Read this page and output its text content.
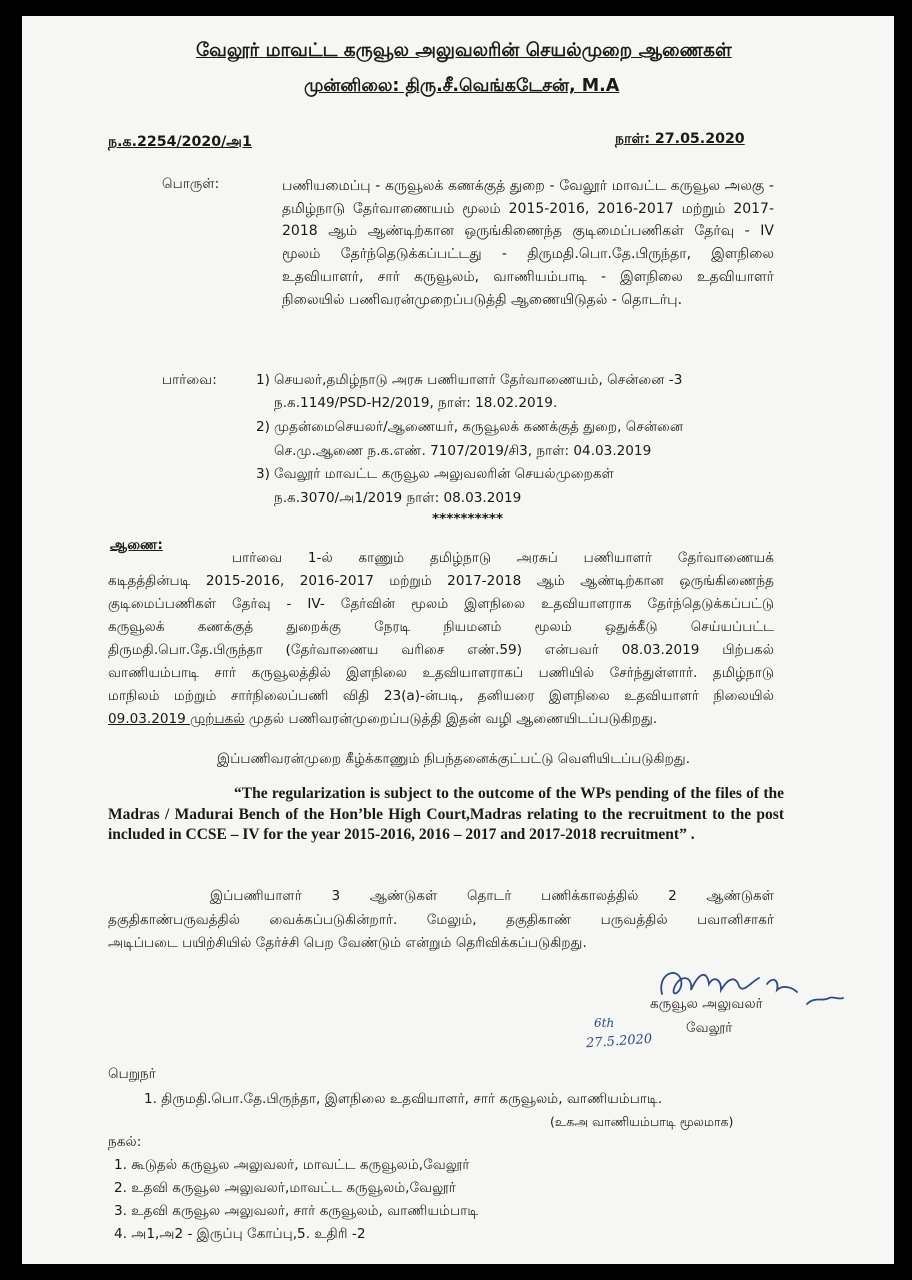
வேலூர் மாவட்ட கருவூல அலுவலரின் செயல்முறை ஆணைகள்
முன்னிலை: திரு.சீ.வெங்கடேசன், M.A
ந.க.2254/2020/அ1	நாள்: 27.05.2020
பொருள்:	பணியமைப்பு - கருவூலக் கணக்குத் துறை - வேலூர் மாவட்ட கருவூல அலகு - தமிழ்நாடு தேர்வாணையம் மூலம் 2015-2016, 2016-2017 மற்றும் 2017-2018 ஆம் ஆண்டிற்கான ஒருங்கிணைந்த குடிமைப்பணிகள் தேர்வு - IV மூலம் தேர்ந்தெடுக்கப்பட்டது - திருமதி.பொ.தே.பிருந்தா, இளநிலை உதவியாளர், சார் கருவூலம், வாணியம்பாடி - இளநிலை உதவியாளர் நிலையில் பணிவரன்முறைப்படுத்தி ஆணையிடுதல் - தொடர்பு.
பார்வை:	1) செயலர்,தமிழ்நாடு அரசு பணியாளர் தேர்வாணையம், சென்னை -3
ந.க.1149/PSD-H2/2019, நாள்: 18.02.2019.
2) முதன்மைசெயலர்/ஆணையர், கருவூலக் கணக்குத் துறை, சென்னை
செ.மு.ஆணை ந.க.எண். 7107/2019/சி3, நாள்: 04.03.2019
3) வேலூர் மாவட்ட கருவூல அலுவலரின் செயல்முறைகள்
ந.க.3070/அ1/2019 நாள்: 08.03.2019
**********
ஆணை:
பார்வை 1-ல் காணும் தமிழ்நாடு அரசுப் பணியாளர் தேர்வாணையக்
கடிதத்தின்படி 2015-2016, 2016-2017 மற்றும் 2017-2018 ஆம் ஆண்டிற்கான ஒருங்கிணைந்த
குடிமைப்பணிகள் தேர்வு - IV- தேர்வின் மூலம் இளநிலை உதவியாளராக தேர்ந்தெடுக்கப்பட்டு
கருவூலக் கணக்குத் துறைக்கு நேரடி நியமனம் மூலம் ஒதுக்கீடு செய்யப்பட்ட
திருமதி.பொ.தே.பிருந்தா (தேர்வாணைய வரிசை எண்.59) என்பவர் 08.03.2019 பிற்பகல்
வாணியம்பாடி சார் கருவூலத்தில் இளநிலை உதவியாளராகப் பணியில் சேர்ந்துள்ளார். தமிழ்நாடு
மாநிலம் மற்றும் சார்நிலைப்பணி விதி 23(a)-ன்படி, தனியரை இளநிலை உதவியாளர் நிலையில்
09.03.2019 முற்பகல் முதல் பணிவரன்முறைப்படுத்தி இதன் வழி ஆணையிடப்படுகிறது.
இப்பணிவரன்முறை கீழ்க்காணும் நிபந்தனைக்குட்பட்டு வெளியிடப்படுகிறது.
“The regularization is subject to the outcome of the WPs pending of the files of the Madras / Madurai Bench of the Hon’ble High Court,Madras relating to the recruitment to the post included in CCSE – IV for the year 2015-2016, 2016 – 2017 and 2017-2018 recruitment” .
இப்பணியாளர் 3 ஆண்டுகள் தொடர் பணிக்காலத்தில் 2 ஆண்டுகள்
தகுதிகாண்பருவத்தில் வைக்கப்படுகின்றார். மேலும், தகுதிகாண் பருவத்தில் பவானிசாகர்
அடிப்படை பயிற்சியில் தேர்ச்சி பெற வேண்டும் என்றும் தெரிவிக்கப்படுகிறது.
கருவூல அலுவலர்
வேலூர்
6th
27.5.2020
பெறுநர்
1. திருமதி.பொ.தே.பிருந்தா, இளநிலை உதவியாளர், சார் கருவூலம், வாணியம்பாடி.
(உகஅ வாணியம்பாடி மூலமாக)
நகல்:
1. கூடுதல் கருவூல அலுவலர், மாவட்ட கருவூலம்,வேலூர்
2. உதவி கருவூல அலுவலர்,மாவட்ட கருவூலம்,வேலூர்
3. உதவி கருவூல அலுவலர், சார் கருவூலம், வாணியம்பாடி
4. அ1,அ2 - இருப்பு கோப்பு,5. உதிரி -2
